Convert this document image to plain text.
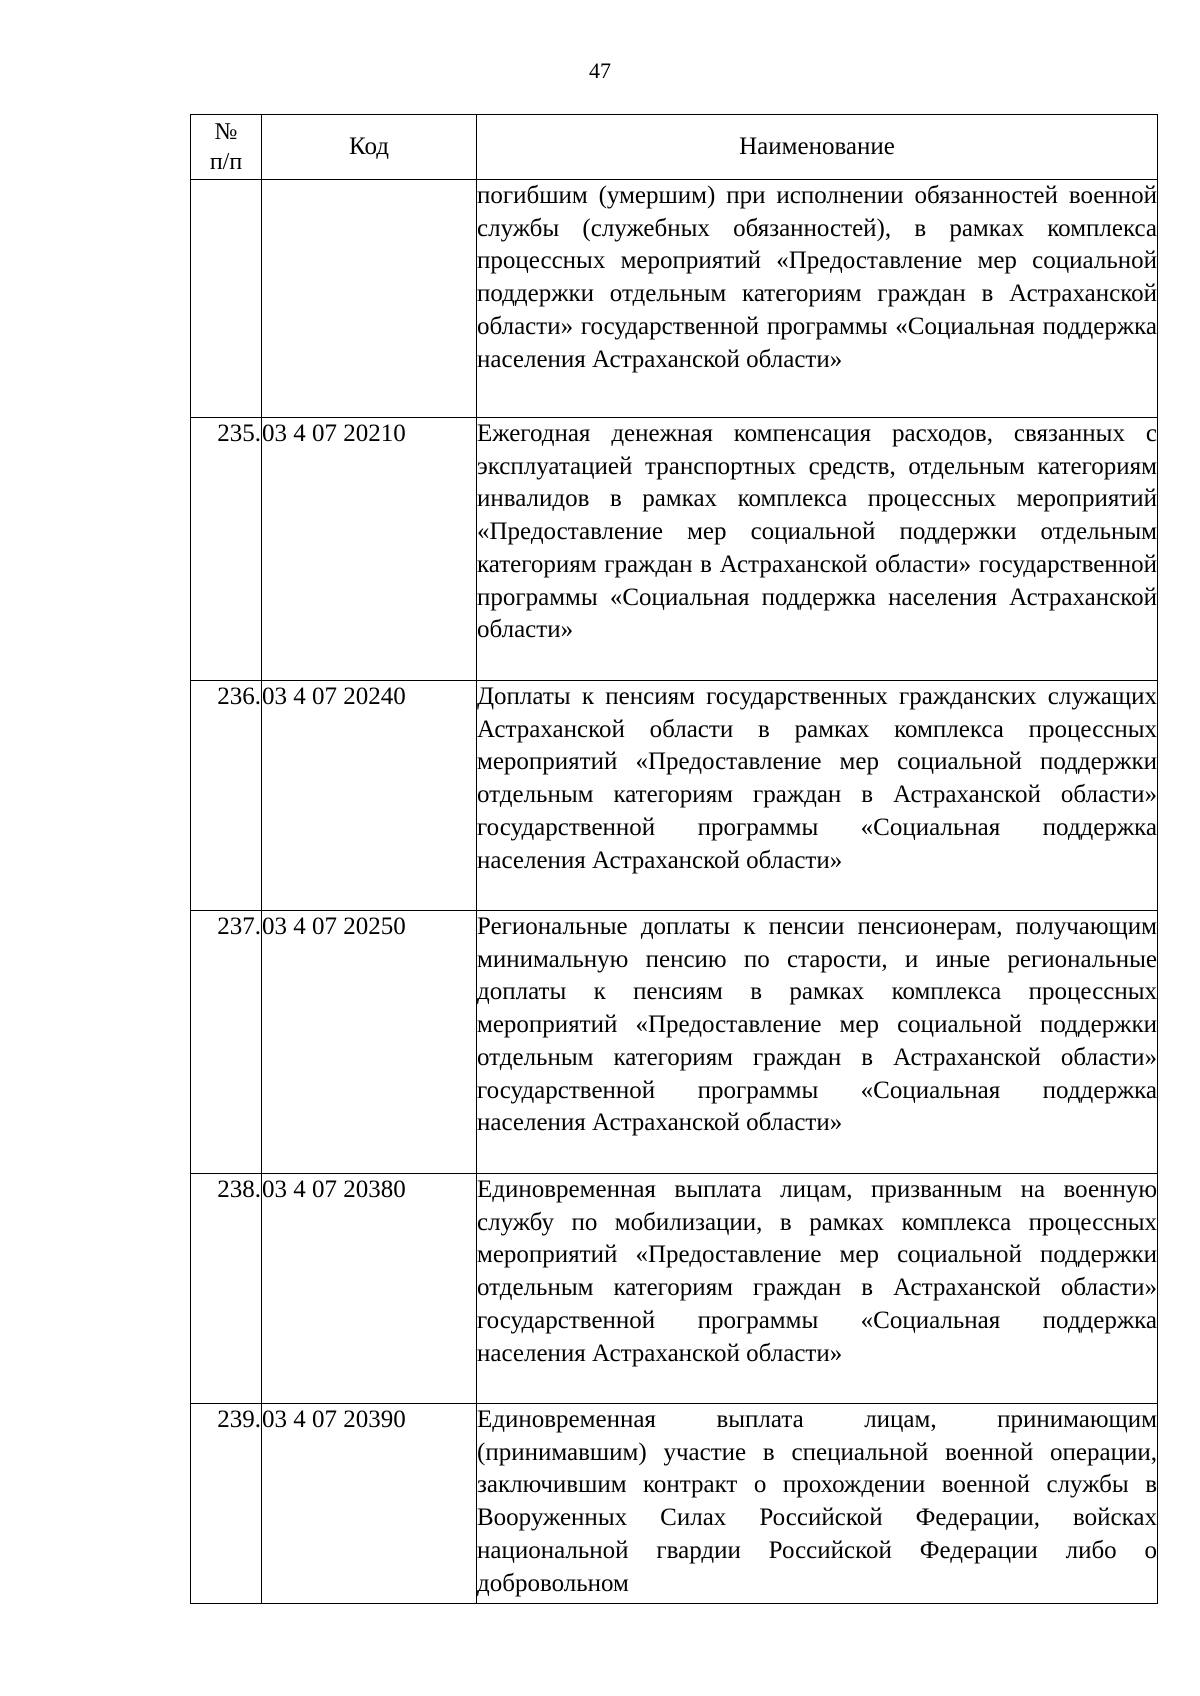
47
№
п/п	Код	Наименование
		погибшим (умершим) при исполнении обязанностей военной службы (служебных обязанностей), в рамках комплекса процессных мероприятий «Предоставление мер социальной поддержки отдельным категориям граждан в Астраханской области» государственной программы «Социальная поддержка населения Астраханской области»
235.	03 4 07 20210	Ежегодная денежная компенсация расходов, связанных с эксплуатацией транспортных средств, отдельным категориям инвалидов в рамках комплекса процессных мероприятий «Предоставление мер социальной поддержки отдельным категориям граждан в Астраханской области» государственной программы «Социальная поддержка населения Астраханской области»
236.	03 4 07 20240	Доплаты к пенсиям государственных гражданских служащих Астраханской области в рамках комплекса процессных мероприятий «Предоставление мер социальной поддержки отдельным категориям граждан в Астраханской области» государственной программы «Социальная поддержка населения Астраханской области»
237.	03 4 07 20250	Региональные доплаты к пенсии пенсионерам, получающим минимальную пенсию по старости, и иные региональные доплаты к пенсиям в рамках комплекса процессных мероприятий «Предоставление мер социальной поддержки отдельным категориям граждан в Астраханской области» государственной программы «Социальная поддержка населения Астраханской области»
238.	03 4 07 20380	Единовременная выплата лицам, призванным на военную службу по мобилизации, в рамках комплекса процессных мероприятий «Предоставление мер социальной поддержки отдельным категориям граждан в Астраханской области» государственной программы «Социальная поддержка населения Астраханской области»
239.	03 4 07 20390	Единовременная выплата лицам, принимающим (принимавшим) участие в специальной военной операции, заключившим контракт о прохождении военной службы в Вооруженных Силах Российской Федерации, войсках национальной гвардии Российской Федерации либо о добровольном
